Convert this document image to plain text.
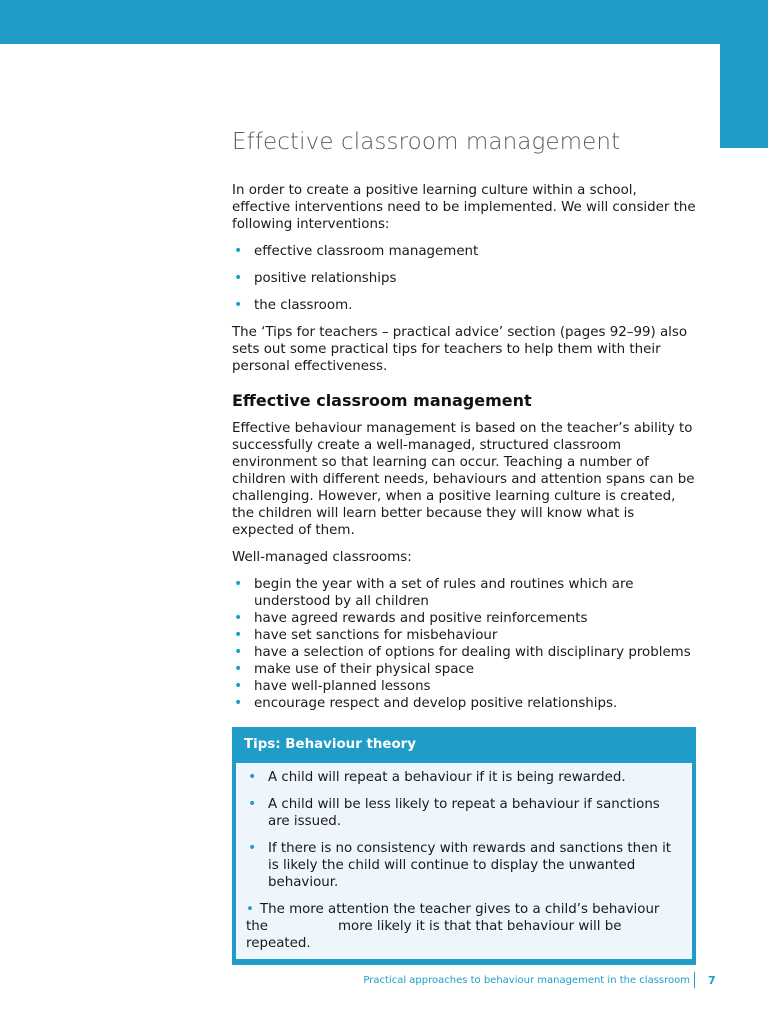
Effective classroom management

In order to create a positive learning culture within a school, effective interventions need to be implemented. We will consider the following interventions:

• effective classroom management
• positive relationships
• the classroom.

The ‘Tips for teachers – practical advice’ section (pages 92–99) also sets out some practical tips for teachers to help them with their personal effectiveness.

Effective classroom management

Effective behaviour management is based on the teacher’s ability to successfully create a well-managed, structured classroom environment so that learning can occur. Teaching a number of children with different needs, behaviours and attention spans can be challenging. However, when a positive learning culture is created, the children will learn better because they will know what is expected of them.

Well-managed classrooms:

• begin the year with a set of rules and routines which are understood by all children
• have agreed rewards and positive reinforcements
• have set sanctions for misbehaviour
• have a selection of options for dealing with disciplinary problems
• make use of their physical space
• have well-planned lessons
• encourage respect and develop positive relationships.
Tips: Behaviour theory
• A child will repeat a behaviour if it is being rewarded.
• A child will be less likely to repeat a behaviour if sanctions are issued.
• If there is no consistency with rewards and sanctions then it is likely the child will continue to display the unwanted behaviour.
• The more attention the teacher gives to a child’s behaviour
the	more likely it is that that behaviour will be
repeated.
Practical approaches to behaviour management in the classroom 7
